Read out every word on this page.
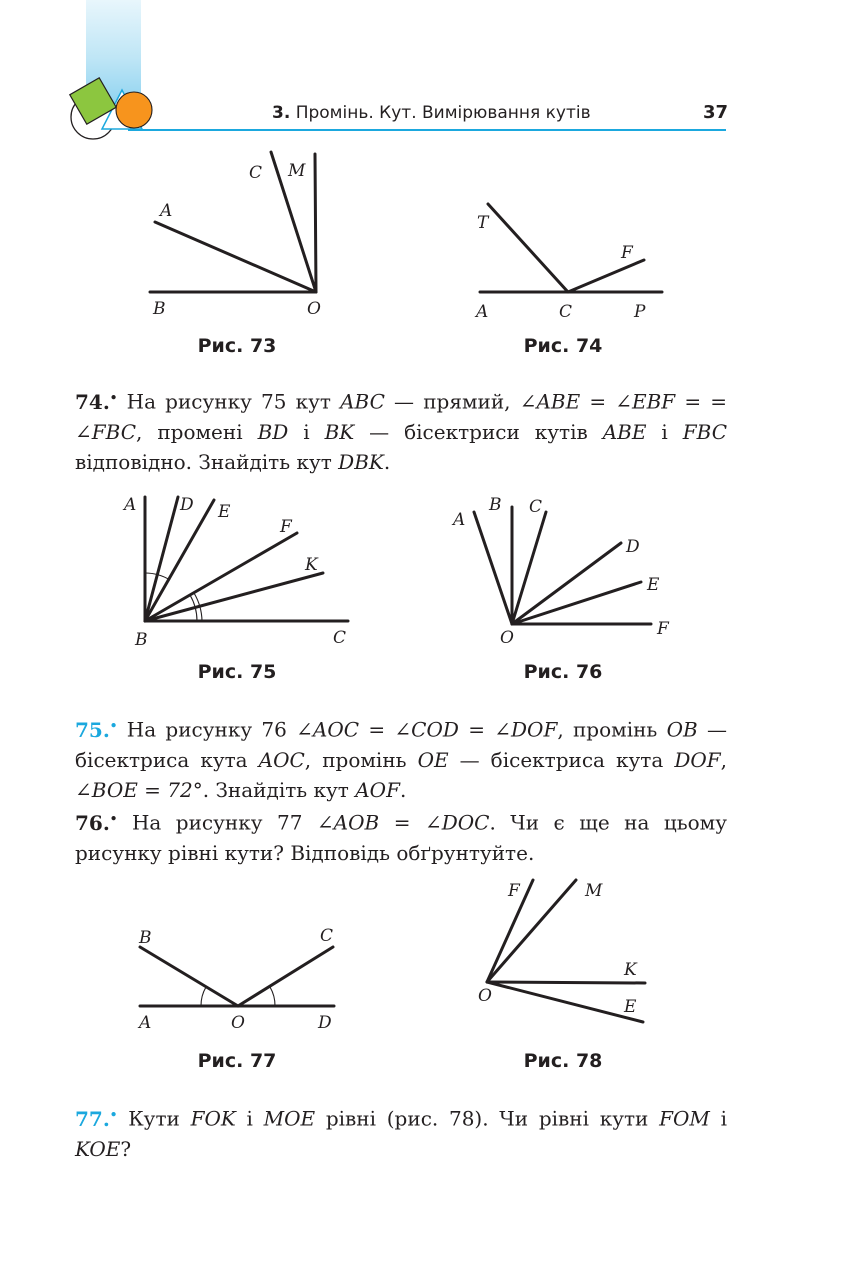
3. Промінь. Кут. Вимірювання кутів	37
A
B
C M
O
Рис. 73
T
F
A	C	P
Рис. 74
74.• На рисунку 75 кут ABC — прямий, ∠ABE = ∠EBF = = ∠FBC, промені BD і BK — бісектриси кутів ABE і FBC відповідно. Знайдіть кут DBK.
A	D E
F
K
B	C
Рис. 75
A
B C
D
E
F
O
Рис. 76
75.• На рисунку 76 ∠AOC = ∠COD = ∠DOF, промінь OB — бісектриса кута AOC, промінь OE — бісектриса кута DOF, ∠BOE = 72°. Знайдіть кут AOF.
76.• На рисунку 77 ∠AOB = ∠DOC. Чи є ще на цьому рисунку рівні кути? Відповідь обґрунтуйте.
B	C
A	O	D
Рис. 77
F	M
K
O
E
Рис. 78
77.• Кути FOK і MOE рівні (рис. 78). Чи рівні кути FOM і KOE?
